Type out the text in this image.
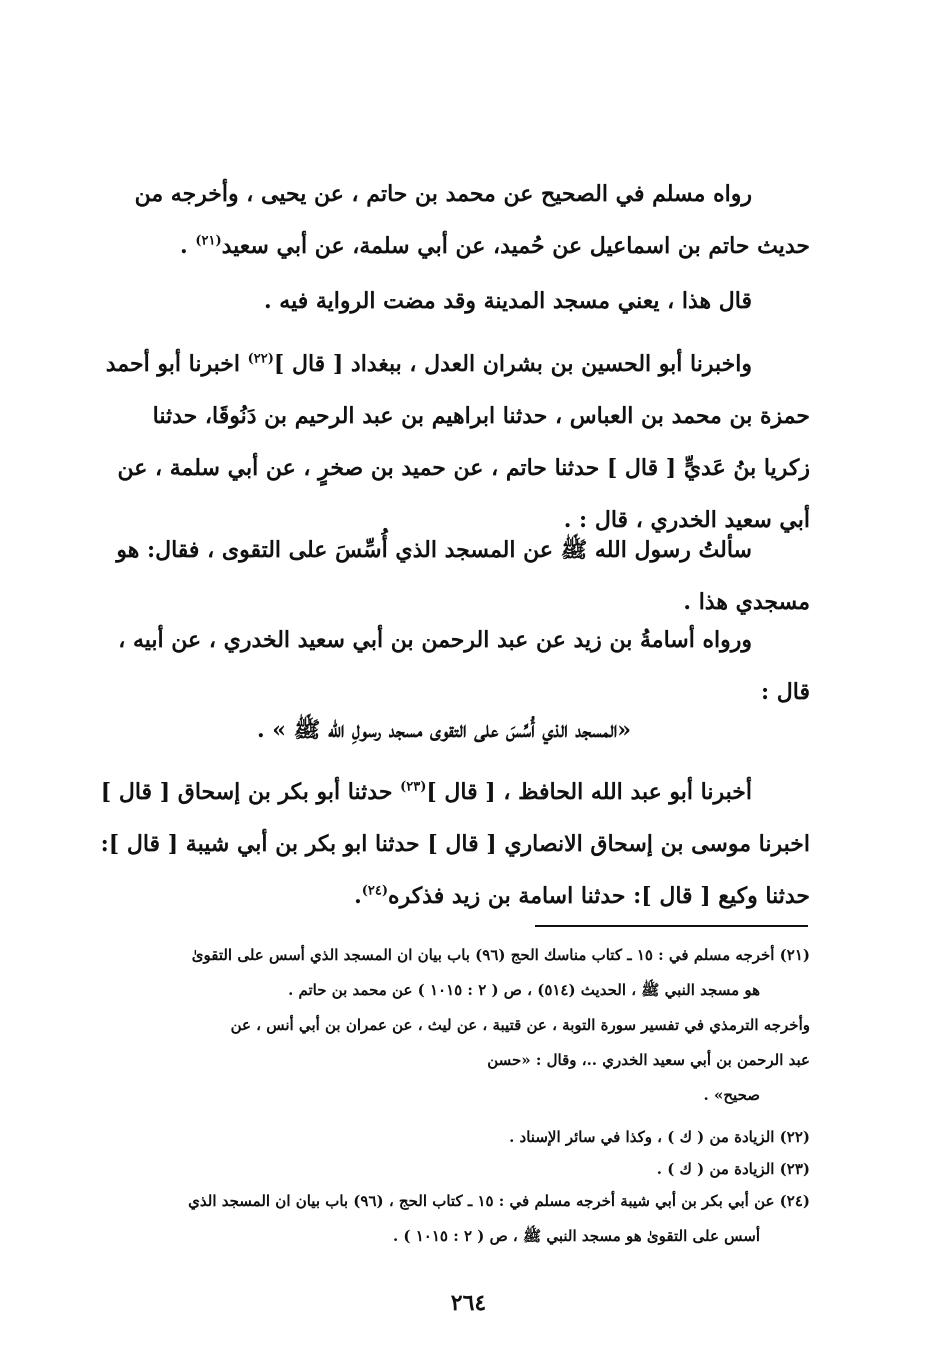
رواه مسلم في الصحيح عن محمد بن حاتم ، عن يحيى ، وأخرجه من
حديث حاتم بن اسماعيل عن حُميد، عن أبي سلمة، عن أبي سعيد$^{(٢١)}$ .
قال هذا ، يعني مسجد المدينة وقد مضت الرواية فيه .
واخبرنا أبو الحسين بن بشران العدل ، ببغداد [ قال ]$^{(٢٢)}$ اخبرنا أبو أحمد
حمزة بن محمد بن العباس ، حدثنا ابراهيم بن عبد الرحيم بن دَنُوقَا، حدثنا
زكريا بنُ عَديٍّ [ قال ] حدثنا حاتم ، عن حميد بن صخرٍ ، عن أبي سلمة ، عن
أبي سعيد الخدري ، قال : .
سألتُ رسول الله ﷺ عن المسجد الذي أُسِّسَ على التقوى ، فقال: هو
مسجدي هذا .
ورواه أسامةُ بن زيد عن عبد الرحمن بن أبي سعيد الخدري ، عن أبيه ،
قال :
«المسجد الذي أُسِّسَ على التقوى مسجد رسولِ الله ﷺ » .
أخبرنا أبو عبد الله الحافظ ، [ قال ]$^{(٢٣)}$ حدثنا أبو بكر بن إسحاق [ قال ]
اخبرنا موسى بن إسحاق الانصاري [ قال ] حدثنا ابو بكر بن أبي شيبة [ قال ]:
حدثنا وكيع [ قال ]: حدثنا اسامة بن زيد فذكره$^{(٢٤)}$.
(٢١) أخرجه مسلم في : ١٥ ـ كتاب مناسك الحج (٩٦) باب بيان ان المسجد الذي أسس على التقوىٰ
هو مسجد النبي ﷺ ، الحديث (٥١٤) ، ص ( ٢ : ١٠١٥ ) عن محمد بن حاتم .
وأخرجه الترمذي في تفسير سورة التوبة ، عن قتيبة ، عن ليث ، عن عمران بن أبي أنس ، عن
عبد الرحمن بن أبي سعيد الخدري ..، وقال : «حسن
صحيح» .
(٢٢) الزيادة من ( ك ) ، وكذا في سائر الإسناد .
(٢٣) الزيادة من ( ك ) .
(٢٤) عن أبي بكر بن أبي شيبة أخرجه مسلم في : ١٥ ـ كتاب الحج ، (٩٦) باب بيان ان المسجد الذي
أسس على التقوىٰ هو مسجد النبي ﷺ ، ص ( ٢ : ١٠١٥ ) .
٢٦٤
